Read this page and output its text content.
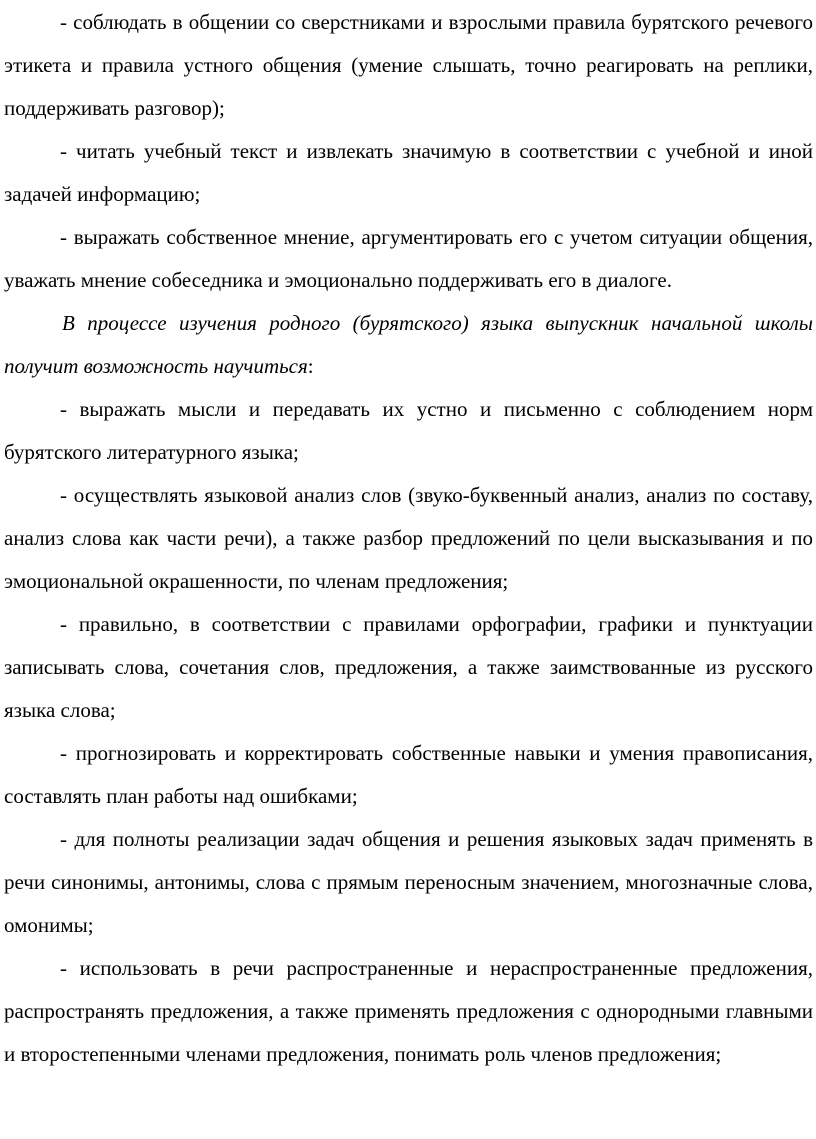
- соблюдать в общении со сверстниками и взрослыми правила бурятского речевого этикета и правила устного общения (умение слышать, точно реагировать на реплики, поддерживать разговор);

- читать учебный текст и извлекать значимую в соответствии с учебной и иной задачей информацию;

- выражать собственное мнение, аргументировать его с учетом ситуации общения, уважать мнение собеседника и эмоционально поддерживать его в диалоге.

В процессе изучения родного (бурятского) языка выпускник начальной школы получит возможность научиться:

- выражать мысли и передавать их устно и письменно с соблюдением норм бурятского литературного языка;

- осуществлять языковой анализ слов (звуко-буквенный анализ, анализ по составу, анализ слова как части речи), а также разбор предложений по цели высказывания и по эмоциональной окрашенности, по членам предложения;

- правильно, в соответствии с правилами орфографии, графики и пунктуации записывать слова, сочетания слов, предложения, а также заимствованные из русского языка слова;

- прогнозировать и корректировать собственные навыки и умения правописания, составлять план работы над ошибками;

- для полноты реализации задач общения и решения языковых задач применять в речи синонимы, антонимы, слова с прямым переносным значением, многозначные слова, омонимы;

- использовать в речи распространенные и нераспространенные предложения, распространять предложения, а также применять предложения с однородными главными и второстепенными членами предложения, понимать роль членов предложения;
